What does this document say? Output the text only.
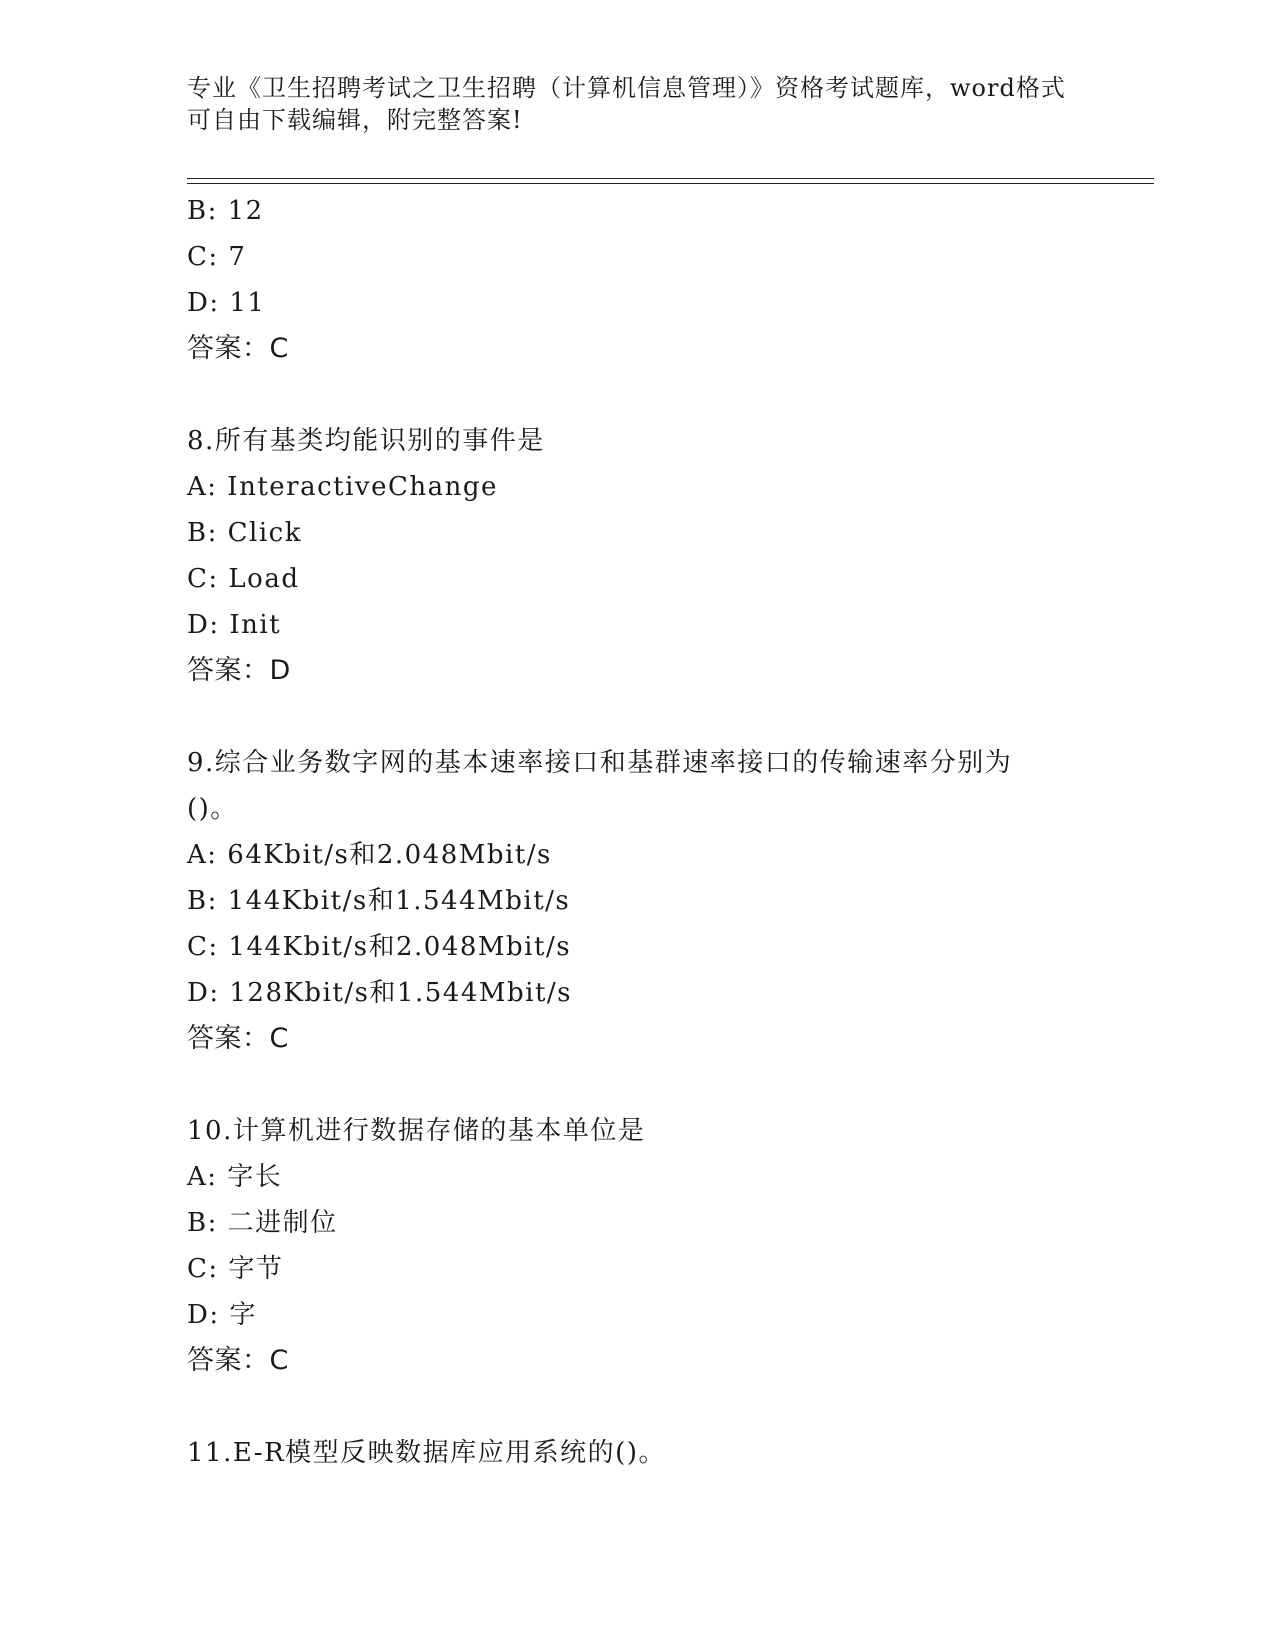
专业《卫生招聘考试之卫生招聘（计算机信息管理）》资格考试题库，word格式
可自由下载编辑，附完整答案!
B: 12
C: 7
D: 11
答案：C
8.所有基类均能识别的事件是
A: InteractiveChange
B: Click
C: Load
D: Init
答案：D
9.综合业务数字网的基本速率接口和基群速率接口的传输速率分别为
()。
A: 64Kbit/s和2.048Mbit/s
B: 144Kbit/s和1.544Mbit/s
C: 144Kbit/s和2.048Mbit/s
D: 128Kbit/s和1.544Mbit/s
答案：C
10.计算机进行数据存储的基本单位是
A: 字长
B: 二进制位
C: 字节
D: 字
答案：C
11.E-R模型反映数据库应用系统的()。
